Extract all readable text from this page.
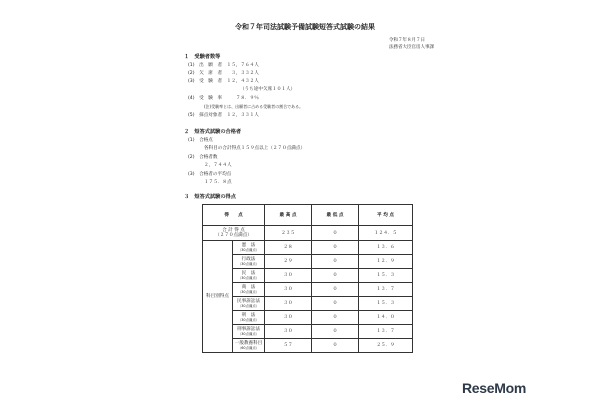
令和７年司法試験予備試験短答式試験の結果
令和７年８月７日
法務省大臣官房人事課
１　受験者数等
(1)　出　願　者　１５，７６４人
(2)　欠　席　者　　３，３３２人
(3)　受　験　者　１２，４３２人
（うち途中欠席１０１人）
(4)　受　験　率　　　７８．９％
(注)受験率とは、出願者に占める受験者の割合である。
(5)　採点対象者　１２，３３１人
２　短答式試験の合格者
(1)　合格点
各科目の合計得点１５９点以上（２７０点満点）
(2)　合格者数
２，７４４人
(3)　合格者の平均点
１７５．８点
３　短答式試験の得点
得　　点		最 高 点	最 低 点	平 均 点

合 計 得 点
（２７０点満点）		２３５	０	１２４．５
科目別得点	憲　法
（30点満点）	２８	０	１３．６

	行政法
（30点満点）	２９	０	１２．９

	民　法
（30点満点）	３０	０	１５．３

	商　法
（30点満点）	３０	０	１３．７

	民事訴訟法
（30点満点）	３０	０	１５．３

	刑　法
（30点満点）	３０	０	１４．０

	刑事訴訟法
（30点満点）	３０	０	１３．７

	一般教養科目
（60点満点）	５７	０	２５．９
ReseMom
